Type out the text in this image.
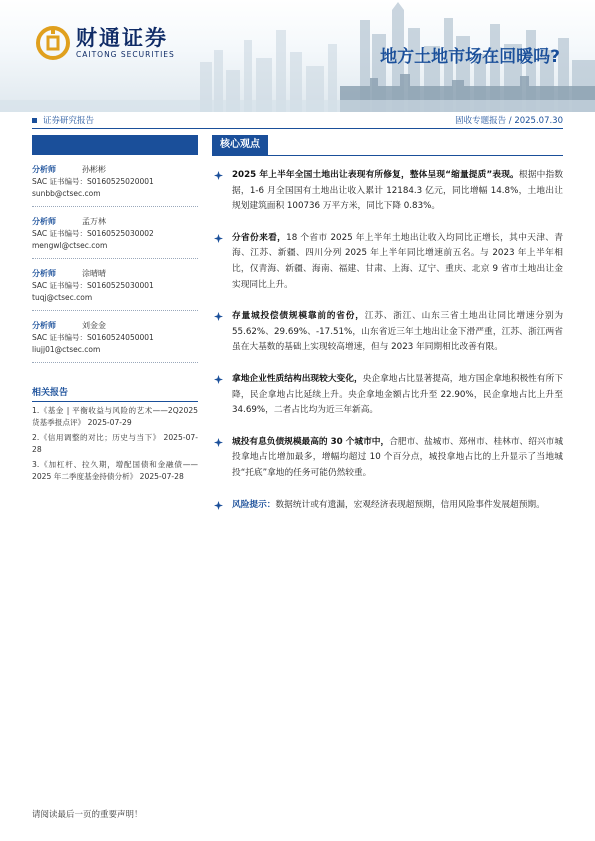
财通证券
CAITONG SECURITIES	地方土地市场在回暖吗?
证券研究报告	固收专题报告 / 2025.07.30
分析师	孙彬彬
SAC 证书编号：S0160525020001
sunbb@ctsec.com
分析师	孟万林
SAC 证书编号：S0160525030002
mengwl@ctsec.com
分析师	涂晴晴
SAC 证书编号：S0160525030001
tuqj@ctsec.com
分析师	刘金金
SAC 证书编号：S0160524050001
liujj01@ctsec.com
相关报告
1.《基金 | 平衡收益与风险的艺术——2Q2025 货基季报点评》 2025-07-29
2.《信用调整的对比；历史与当下》 2025-07-28
3.《加杠杆、拉久期，增配国债和金融债——2025 年二季度基金持债分析》 2025-07-28
核心观点
2025 年上半年全国土地出让表现有所修复，整体呈现“缩量提质”表现。根据中指数据，1-6 月全国国有土地出让收入累计 12184.3 亿元，同比增幅 14.8%，土地出让规划建筑面积 100736 万平方米，同比下降 0.83%。
分省份来看，18 个省市 2025 年上半年土地出让收入均同比正增长，其中天津、青海、江苏、新疆、四川分列 2025 年上半年同比增速前五名。与 2023 年上半年相比，仅青海、新疆、海南、福建、甘肃、上海、辽宁、重庆、北京 9 省市土地出让金实现同比上升。
存量城投偿债规模靠前的省份，江苏、浙江、山东三省土地出让同比增速分别为 55.62%、29.69%、-17.51%，山东省近三年土地出让金下滑严重，江苏、浙江两省虽在大基数的基础上实现较高增速，但与 2023 年同期相比改善有限。
拿地企业性质结构出现较大变化，央企拿地占比显著提高，地方国企拿地积极性有所下降，民企拿地占比延续上升。央企拿地金额占比升至 22.90%，民企拿地占比上升至 34.69%，二者占比均为近三年新高。
城投有息负债规模最高的 30 个城市中，合肥市、盐城市、郑州市、桂林市、绍兴市城投拿地占比增加最多，增幅均超过 10 个百分点，城投拿地占比的上升显示了当地城投“托底”拿地的任务可能仍然较重。
风险提示：数据统计或有遗漏，宏观经济表现超预期，信用风险事件发展超预期。
请阅读最后一页的重要声明！
